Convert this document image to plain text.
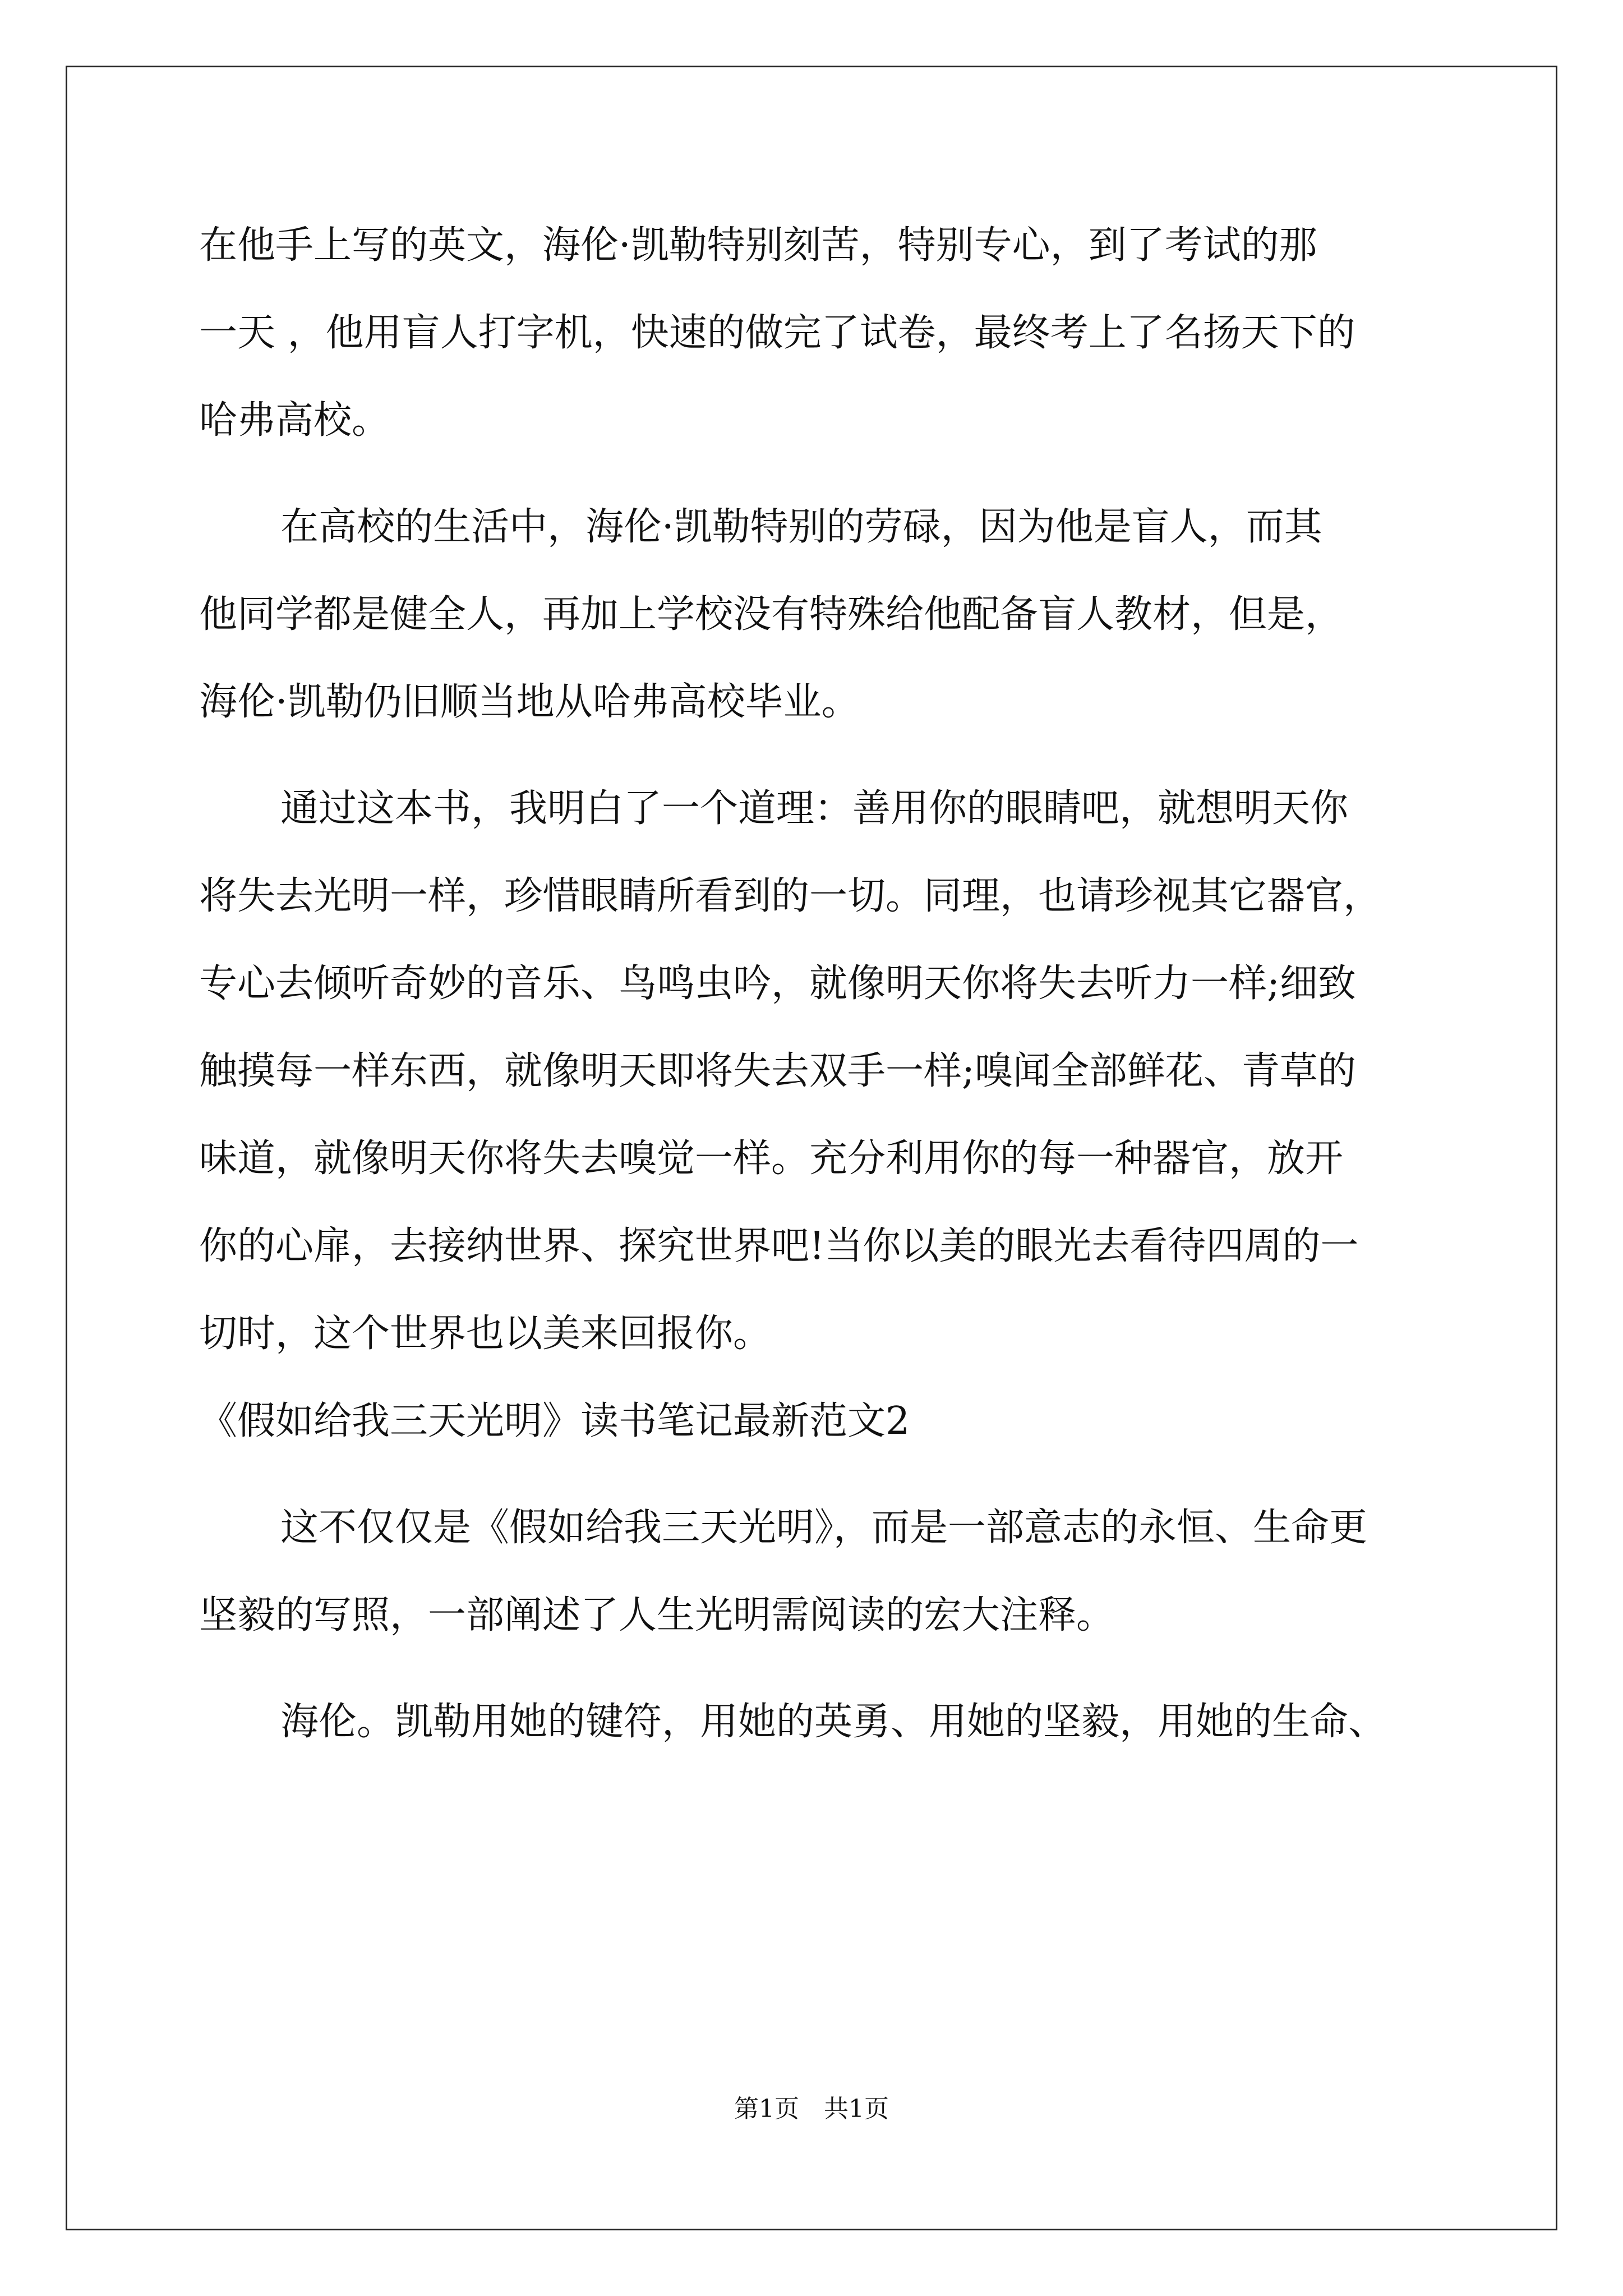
在他手上写的英文，海伦·凯勒特别刻苦，特别专心，到了考试的那
一天 ，他用盲人打字机，快速的做完了试卷，最终考上了名扬天下的
哈弗高校。
在高校的生活中，海伦·凯勒特别的劳碌，因为他是盲人，而其
他同学都是健全人，再加上学校没有特殊给他配备盲人教材，但是，
海伦·凯勒仍旧顺当地从哈弗高校毕业。
通过这本书，我明白了一个道理：善用你的眼睛吧，就想明天你
将失去光明一样，珍惜眼睛所看到的一切。同理，也请珍视其它器官，
专心去倾听奇妙的音乐、鸟鸣虫吟，就像明天你将失去听力一样;细致
触摸每一样东西，就像明天即将失去双手一样;嗅闻全部鲜花、青草的
味道，就像明天你将失去嗅觉一样。充分利用你的每一种器官，放开
你的心扉，去接纳世界、探究世界吧!当你以美的眼光去看待四周的一
切时，这个世界也以美来回报你。
《假如给我三天光明》读书笔记最新范文2
这不仅仅是《假如给我三天光明》，而是一部意志的永恒、生命更
坚毅的写照，一部阐述了人生光明需阅读的宏大注释。
海伦。凯勒用她的键符，用她的英勇、用她的坚毅，用她的生命、
第1页　共1页
